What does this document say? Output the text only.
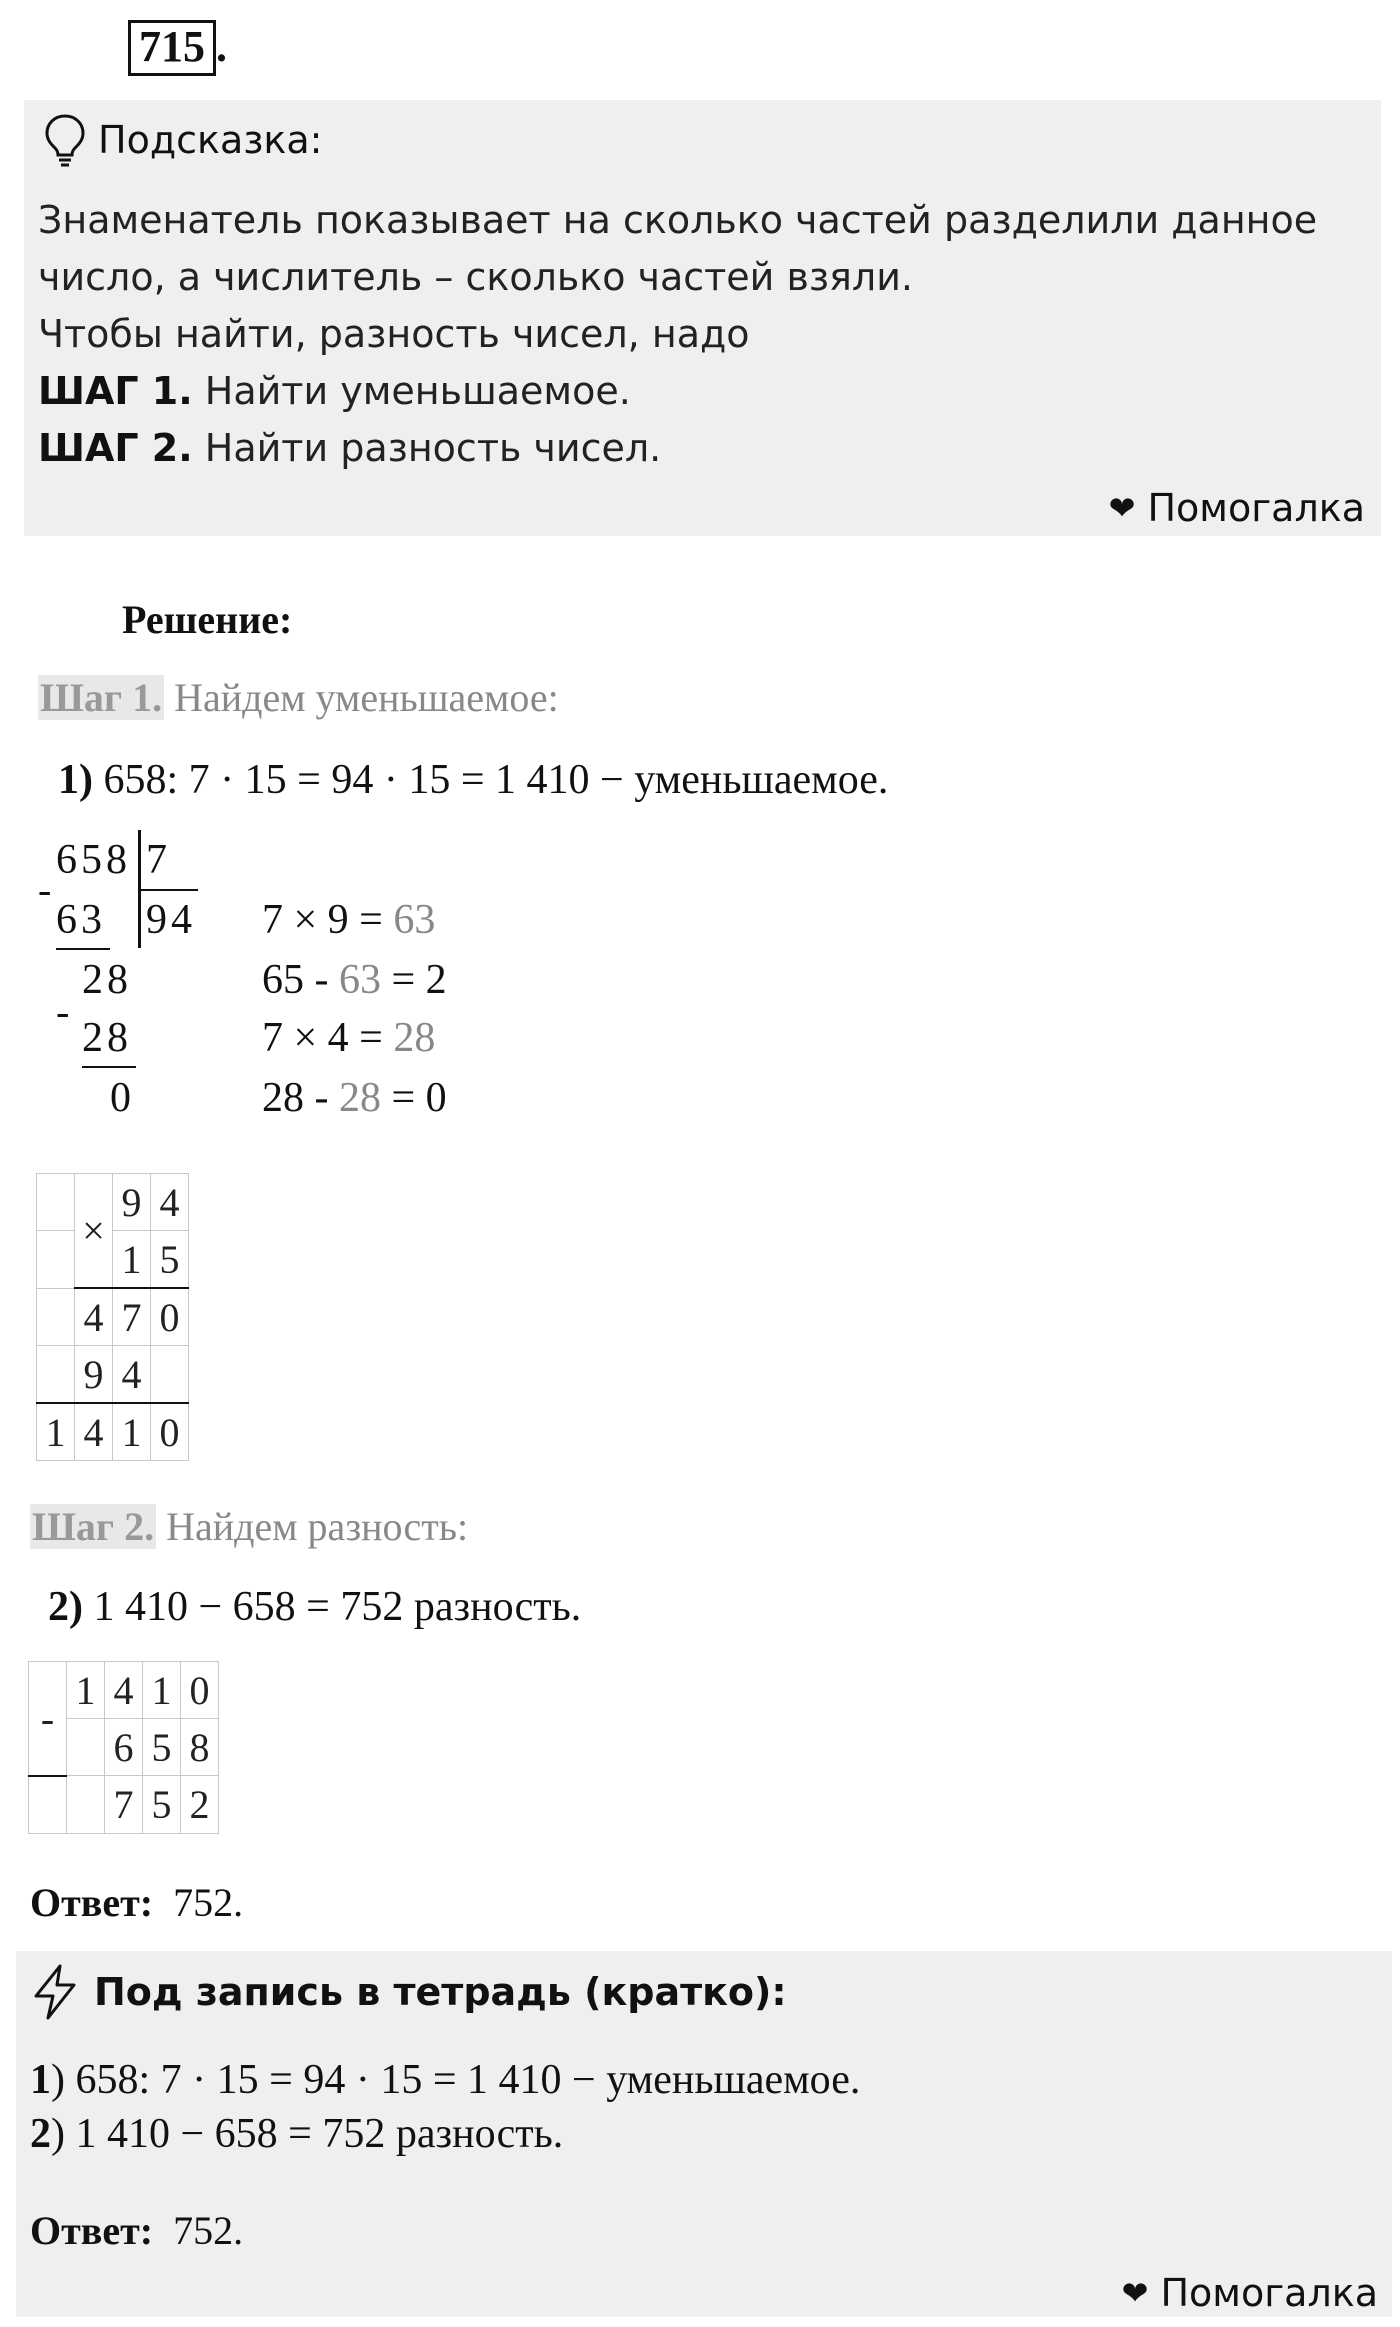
715 .
Подсказка:
Знаменатель показывает на сколько частей разделили данное
число, а числитель – сколько частей взяли.
Чтобы найти, разность чисел, надо
ШАГ 1. Найти уменьшаемое.
ШАГ 2. Найти разность чисел.
❤ Помогалка
Решение:
Шаг 1. Найдем уменьшаемое:
1) 658: 7 · 15 = 94 · 15 = 1 410 − уменьшаемое.
658 7
-
63 94
28
-
28
0
7 × 9 = 63
65 - 63 = 2
7 × 4 = 28
28 - 28 = 0
	×	9	4
		1	5
	4	7	0
	9	4	
1	4	1	0
Шаг 2. Найдем разность:
2) 1 410 − 658 = 752 разность.
-	1	4	1	0
		6	5	8
		7	5	2
Ответ: 752.
Под запись в тетрадь (кратко):
1) 658: 7 · 15 = 94 · 15 = 1 410 − уменьшаемое.
2) 1 410 − 658 = 752 разность.
Ответ: 752.
❤ Помогалка
